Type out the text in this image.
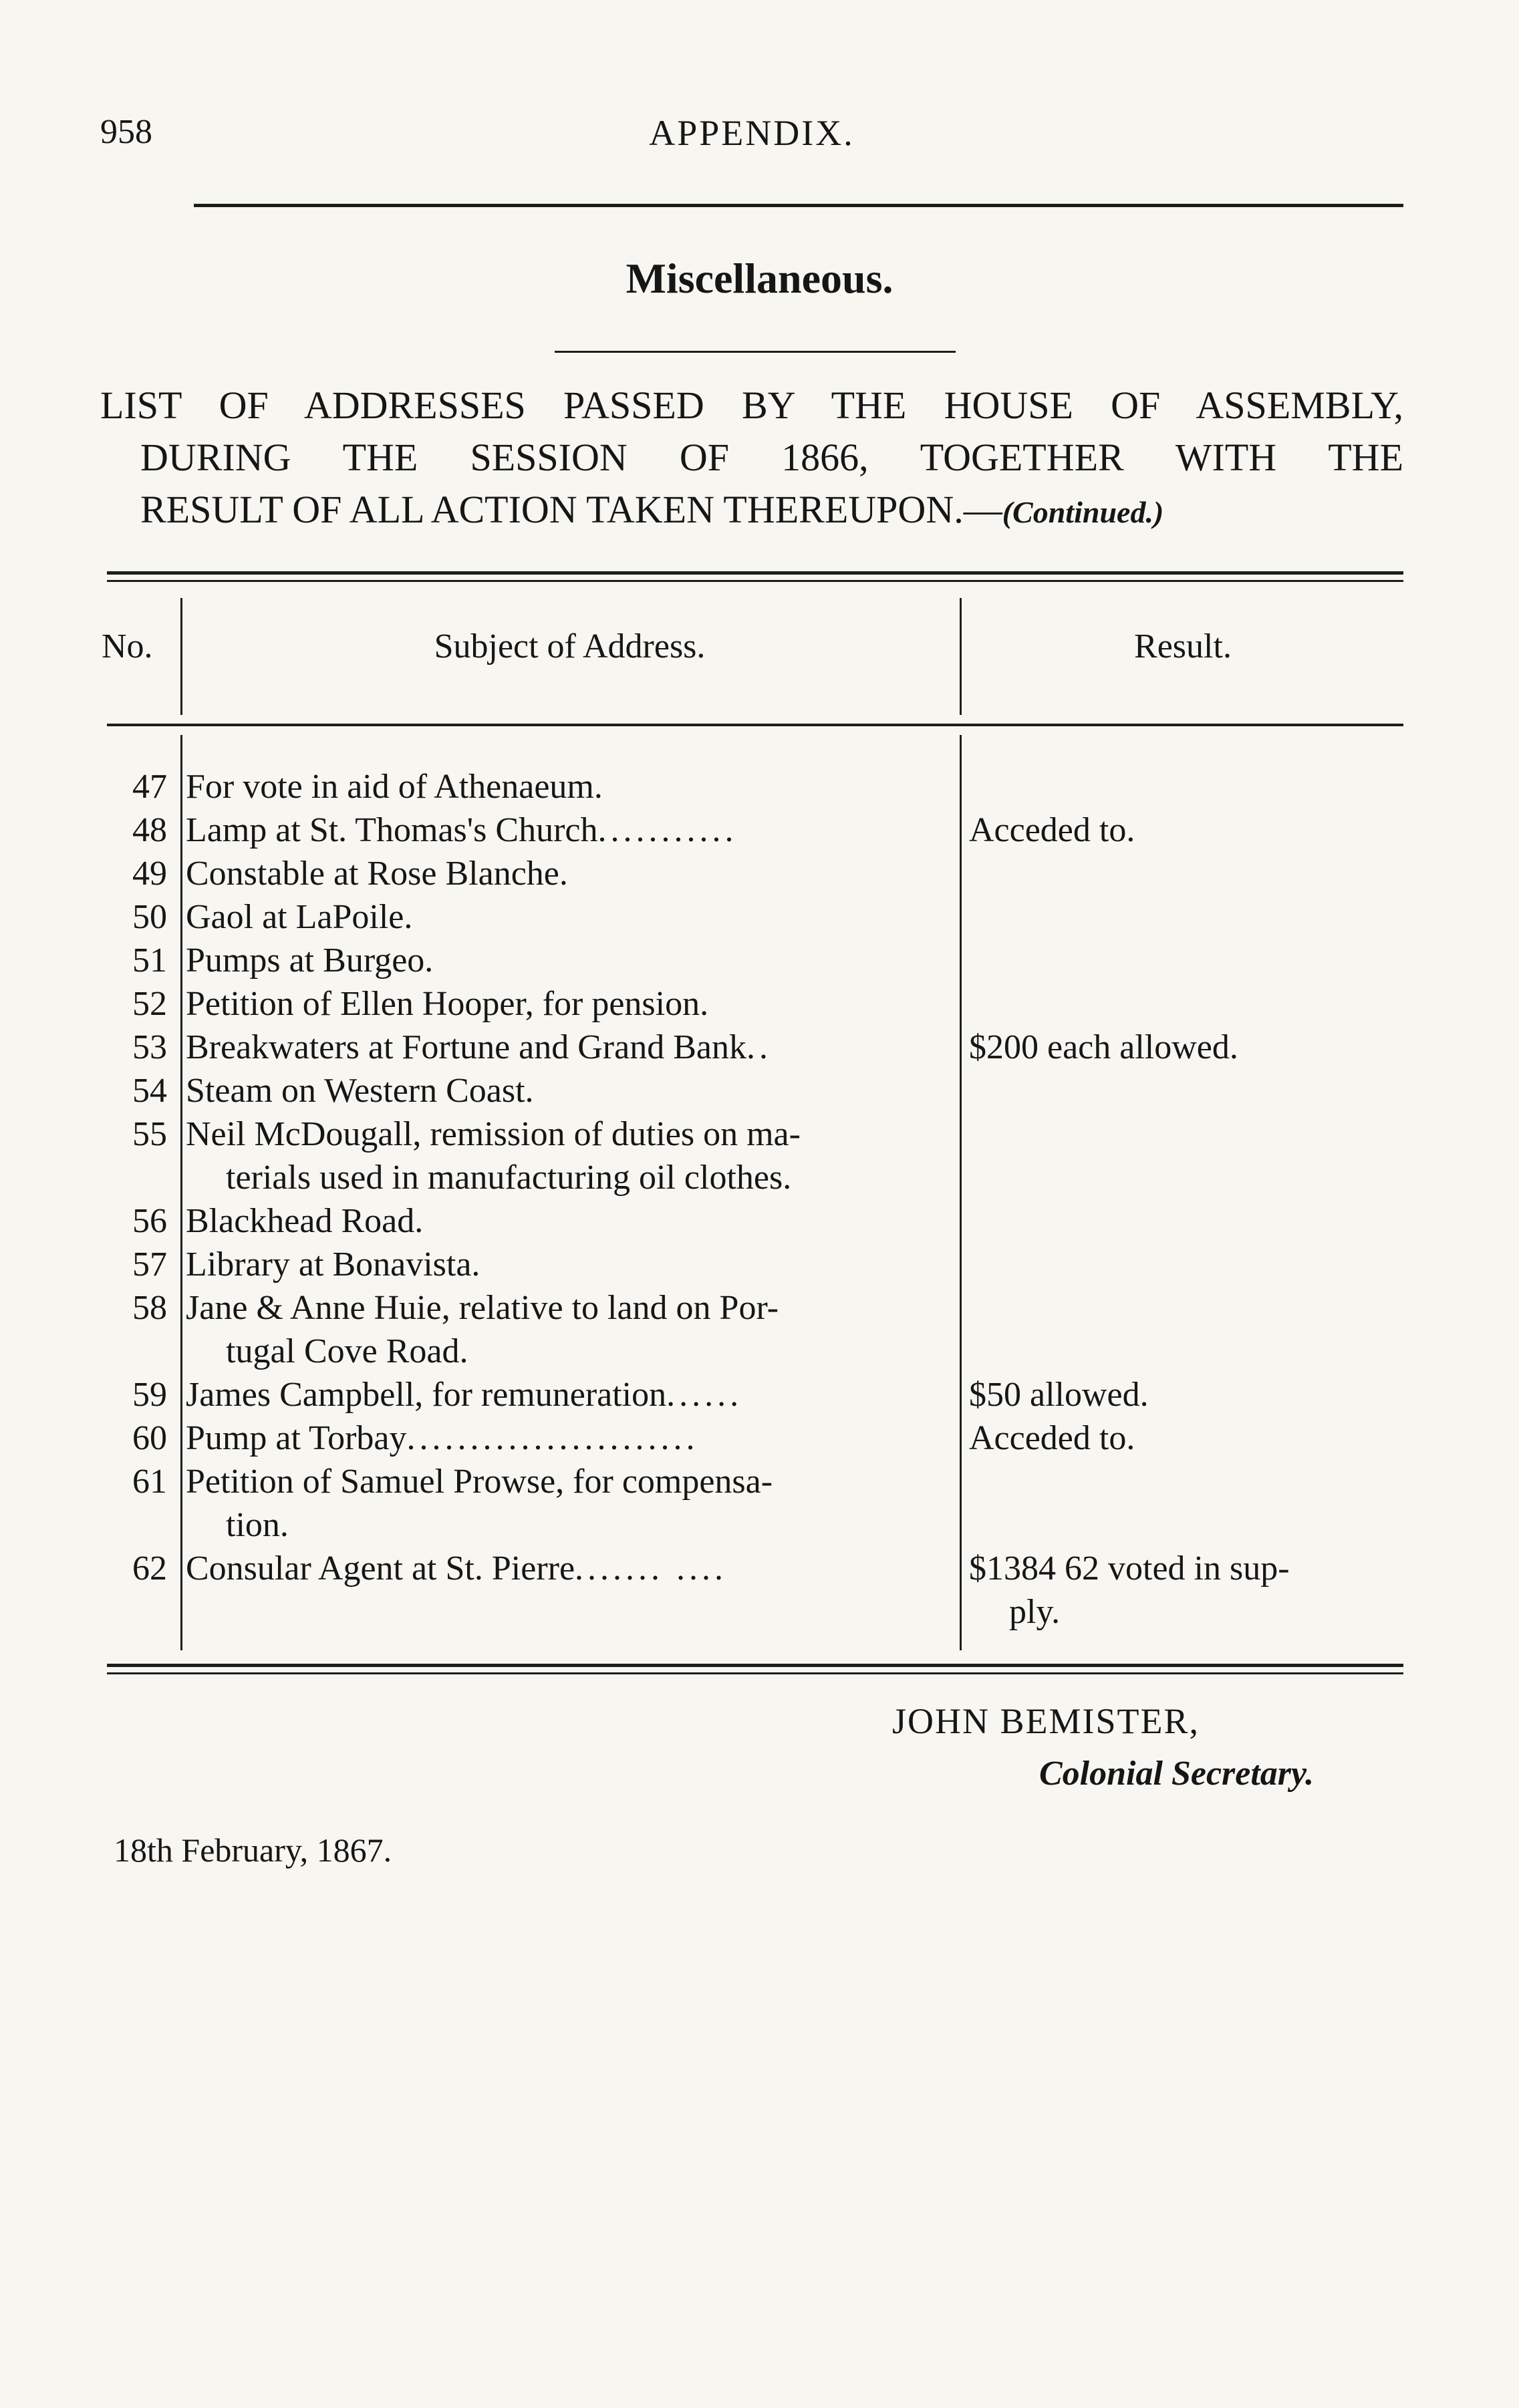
958	APPENDIX.
Miscellaneous.
LIST OF ADDRESSES PASSED BY THE HOUSE OF ASSEMBLY,
DURING THE SESSION OF 1866, TOGETHER WITH THE
RESULT OF ALL ACTION TAKEN THEREUPON.—(Continued.)
No.	Subject of Address.	Result.
47 For vote in aid of Athenaeum.
48 Lamp at St. Thomas's Church...........	Acceded to.
49 Constable at Rose Blanche.
50 Gaol at LaPoile.
51 Pumps at Burgeo.
52 Petition of Ellen Hooper, for pension.
53 Breakwaters at Fortune and Grand Bank..	$200 each allowed.
54 Steam on Western Coast.
55 Neil McDougall, remission of duties on ma-
terials used in manufacturing oil clothes.
56 Blackhead Road.
57 Library at Bonavista.
58 Jane & Anne Huie, relative to land on Por-
tugal Cove Road.
59 James Campbell, for remuneration......	$50 allowed.
60 Pump at Torbay.......................	Acceded to.
61 Petition of Samuel Prowse, for compensa-
tion.
62 Consular Agent at St. Pierre....... ....	$1384 62 voted in sup-
ply.
JOHN BEMISTER,
Colonial Secretary.
18th February, 1867.
